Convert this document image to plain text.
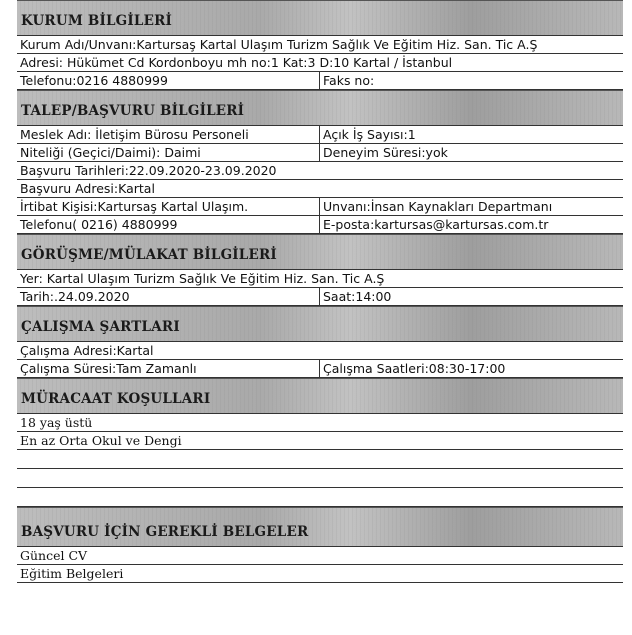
KURUM BİLGİLERİ
Kurum Adı/Unvanı:Kartursaş Kartal Ulaşım Turizm Sağlık Ve Eğitim Hiz. San. Tic A.Ş
Adresi: Hükümet Cd Kordonboyu mh no:1 Kat:3 D:10 Kartal / İstanbul
Telefonu:0216 4880999	Faks no:
TALEP/BAŞVURU BİLGİLERİ
Meslek Adı: İletişim Bürosu Personeli	Açık İş Sayısı:1
Niteliği (Geçici/Daimi): Daimi	Deneyim Süresi:yok
Başvuru Tarihleri:22.09.2020-23.09.2020
Başvuru Adresi:Kartal
İrtibat Kişisi:Kartursaş Kartal Ulaşım.	Unvanı:İnsan Kaynakları Departmanı
Telefonu( 0216) 4880999	E-posta:kartursas@kartursas.com.tr
GÖRÜŞME/MÜLAKAT BİLGİLERİ
Yer: Kartal Ulaşım Turizm Sağlık Ve Eğitim Hiz. San. Tic A.Ş
Tarih:.24.09.2020	Saat:14:00
ÇALIŞMA ŞARTLARI
Çalışma Adresi:Kartal
Çalışma Süresi:Tam Zamanlı	Çalışma Saatleri:08:30-17:00
MÜRACAAT KOŞULLARI
18 yaş üstü
En az Orta Okul ve Dengi
BAŞVURU İÇİN GEREKLİ BELGELER
Güncel CV
Eğitim Belgeleri
